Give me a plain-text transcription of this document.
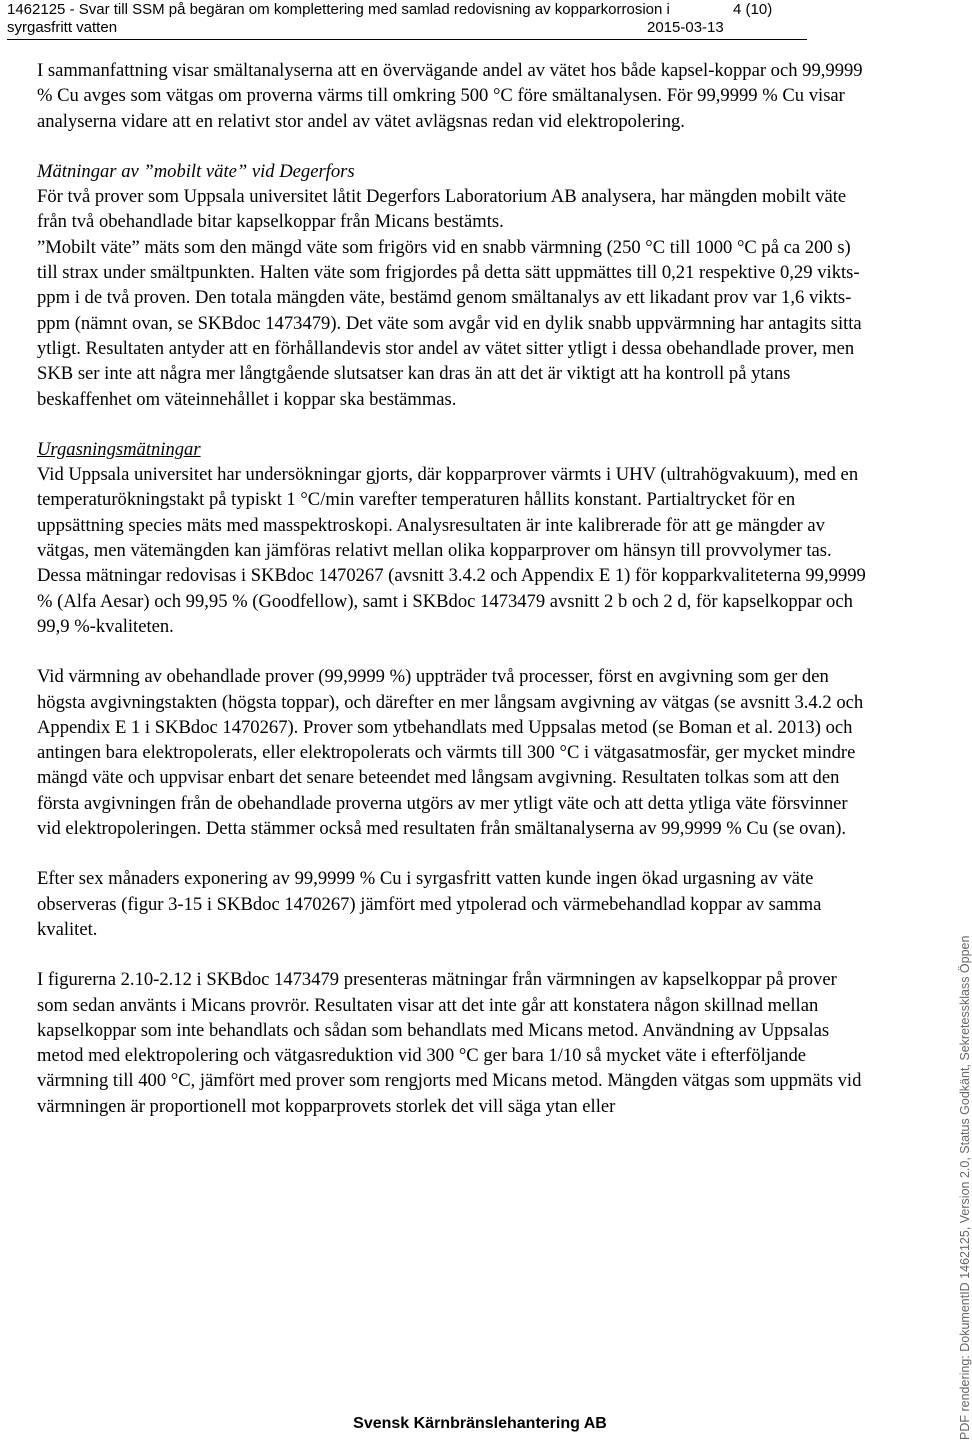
1462125 - Svar till SSM på begäran om komplettering med samlad redovisning av kopparkorrosion i
syrgasfritt vatten
4 (10)
2015-03-13

I sammanfattning visar smältanalyserna att en övervägande andel av vätet hos både kapsel-koppar och 99,9999 % Cu avges som vätgas om proverna värms till omkring 500 °C före smältanalysen. För 99,9999 % Cu visar analyserna vidare att en relativt stor andel av vätet avlägsnas redan vid elektropolering.

Mätningar av ”mobilt väte” vid Degerfors

För två prover som Uppsala universitet låtit Degerfors Laboratorium AB analysera, har mängden mobilt väte från två obehandlade bitar kapselkoppar från Micans bestämts.

”Mobilt väte” mäts som den mängd väte som frigörs vid en snabb värmning (250 °C till 1000 °C på ca 200 s) till strax under smältpunkten. Halten väte som frigjordes på detta sätt uppmättes till 0,21 respektive 0,29 vikts-ppm i de två proven. Den totala mängden väte, bestämd genom smältanalys av ett likadant prov var 1,6 vikts-ppm (nämnt ovan, se SKBdoc 1473479). Det väte som avgår vid en dylik snabb uppvärmning har antagits sitta ytligt. Resultaten antyder att en förhållandevis stor andel av vätet sitter ytligt i dessa obehandlade prover, men SKB ser inte att några mer långtgående slutsatser kan dras än att det är viktigt att ha kontroll på ytans beskaffenhet om väteinnehållet i koppar ska bestämmas.

Urgasningsmätningar

Vid Uppsala universitet har undersökningar gjorts, där kopparprover värmts i UHV (ultrahögvakuum), med en temperaturökningstakt på typiskt 1 °C/min varefter temperaturen hållits konstant. Partialtrycket för en uppsättning species mäts med masspektroskopi. Analysresultaten är inte kalibrerade för att ge mängder av vätgas, men vätemängden kan jämföras relativt mellan olika kopparprover om hänsyn till provvolymer tas. Dessa mätningar redovisas i SKBdoc 1470267 (avsnitt 3.4.2 och Appendix E 1) för kopparkvaliteterna 99,9999 % (Alfa Aesar) och 99,95 % (Goodfellow), samt i SKBdoc 1473479 avsnitt 2 b och 2 d, för kapselkoppar och 99,9 %-kvaliteten.

Vid värmning av obehandlade prover (99,9999 %) uppträder två processer, först en avgivning som ger den högsta avgivningstakten (högsta toppar), och därefter en mer långsam avgivning av vätgas (se avsnitt 3.4.2 och Appendix E 1 i SKBdoc 1470267). Prover som ytbehandlats med Uppsalas metod (se Boman et al. 2013) och antingen bara elektropolerats, eller elektropolerats och värmts till 300 °C i vätgasatmosfär, ger mycket mindre mängd väte och uppvisar enbart det senare beteendet med långsam avgivning. Resultaten tolkas som att den första avgivningen från de obehandlade proverna utgörs av mer ytligt väte och att detta ytliga väte försvinner vid elektropoleringen. Detta stämmer också med resultaten från smältanalyserna av 99,9999 % Cu (se ovan).

Efter sex månaders exponering av 99,9999 % Cu i syrgasfritt vatten kunde ingen ökad urgasning av väte observeras (figur 3-15 i SKBdoc 1470267) jämfört med ytpolerad och värmebehandlad koppar av samma kvalitet.

I figurerna 2.10-2.12 i SKBdoc 1473479 presenteras mätningar från värmningen av kapselkoppar på prover som sedan använts i Micans provrör. Resultaten visar att det inte går att konstatera någon skillnad mellan kapselkoppar som inte behandlats och sådan som behandlats med Micans metod. Användning av Uppsalas metod med elektropolering och vätgasreduktion vid 300 °C ger bara 1/10 så mycket väte i efterföljande värmning till 400 °C, jämfört med prover som rengjorts med Micans metod. Mängden vätgas som uppmäts vid värmningen är proportionell mot kopparprovets storlek det vill säga ytan eller

Svensk Kärnbränslehantering AB	PDF rendering: DokumentID 1462125, Version 2.0, Status Godkänt, Sekretessklass Öppen
